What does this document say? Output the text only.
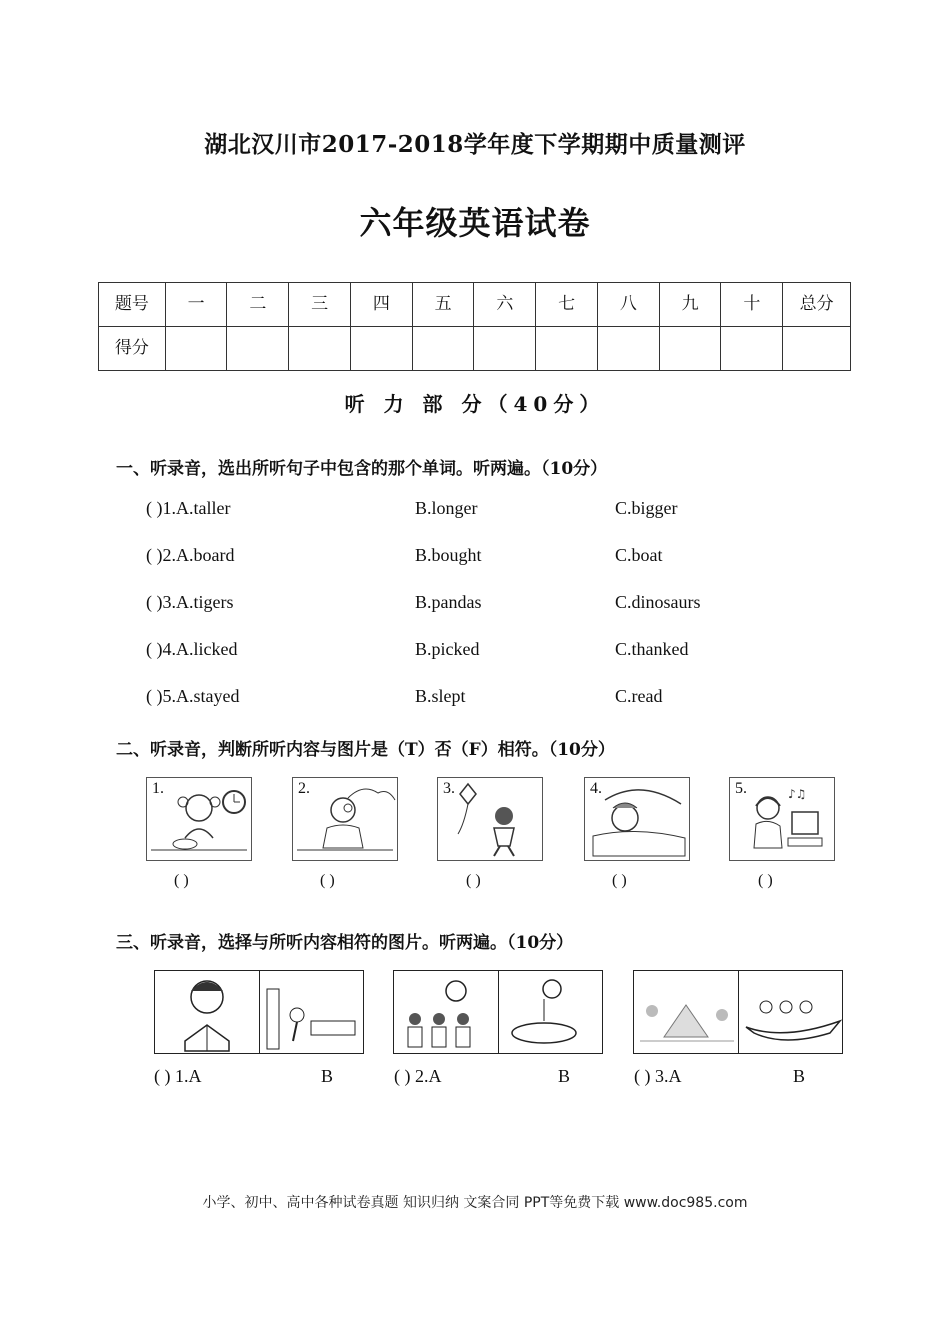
湖北汉川市2017-2018学年度下学期期中质量测评
六年级英语试卷
题号	一	二	三	四	五	六	七	八	九	十	总分
得分											
听 力 部 分（40分）
一、听录音，选出所听句子中包含的那个单词。听两遍。（10分）
( )1.A.taller	B.longer	C.bigger
( )2.A.board	B.bought	C.boat
( )3.A.tigers	B.pandas	C.dinosaurs
( )4.A.licked	B.picked	C.thanked
( )5.A.stayed	B.slept	C.read
二、听录音，判断所听内容与图片是（T）否（F）相符。（10分）
1.	2.	3.	4.	♪♫
5.
( )	( )	( )	( )	( )
三、听录音，选择与所听内容相符的图片。听两遍。（10分）
( ) 1.A	B	( ) 2.A	B	( ) 3.A	B
小学、初中、高中各种试卷真题 知识归纳 文案合同 PPT等免费下载 www.doc985.com
